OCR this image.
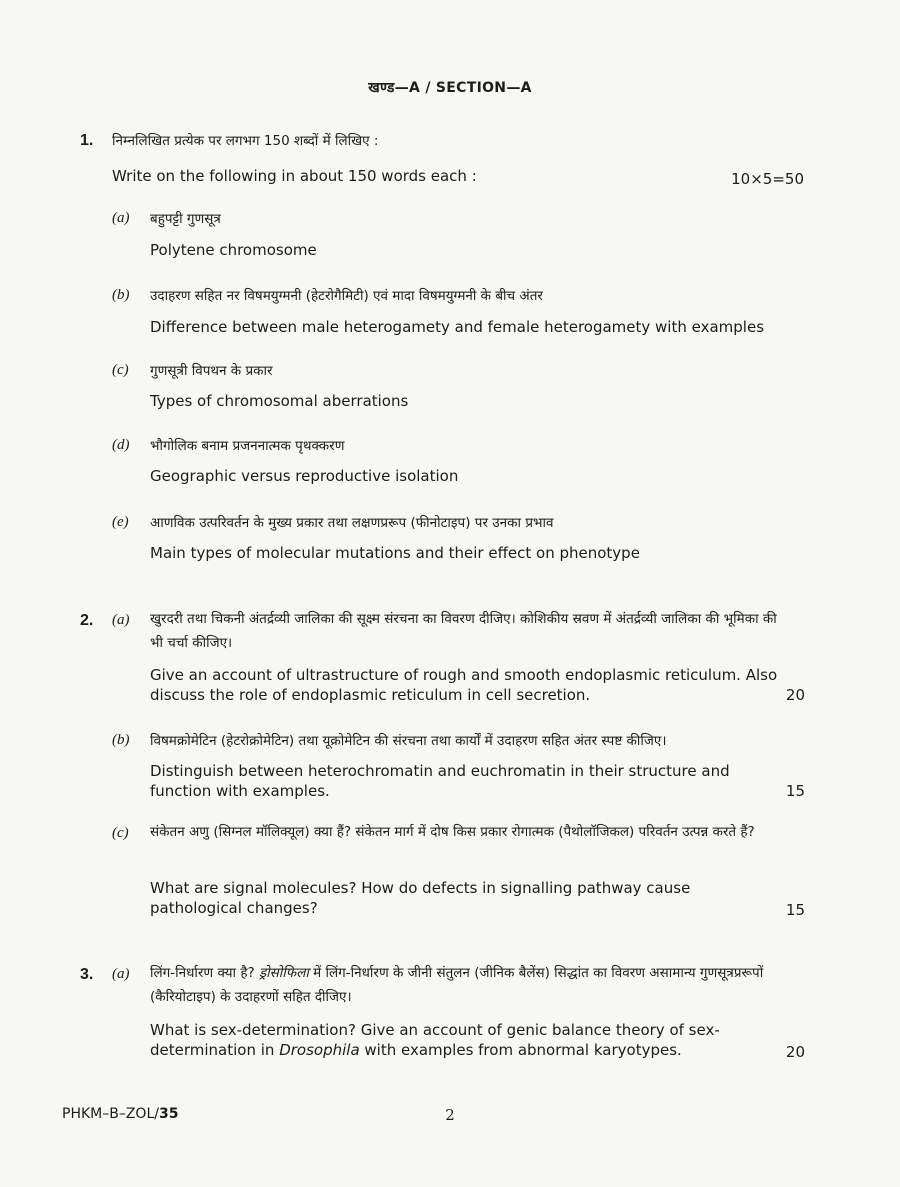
खण्ड—A / SECTION—A
1. निम्नलिखित प्रत्येक पर लगभग 150 शब्दों में लिखिए :
Write on the following in about 150 words each :	10×5=50
(a) बहुपट्टी गुणसूत्र
Polytene chromosome
(b) उदाहरण सहित नर विषमयुग्मनी (हेटरोगैमिटी) एवं मादा विषमयुग्मनी के बीच अंतर
Difference between male heterogamety and female heterogamety with examples
(c) गुणसूत्री विपथन के प्रकार
Types of chromosomal aberrations
(d) भौगोलिक बनाम प्रजननात्मक पृथक्करण
Geographic versus reproductive isolation
(e) आणविक उत्परिवर्तन के मुख्य प्रकार तथा लक्षणप्ररूप (फीनोटाइप) पर उनका प्रभाव
Main types of molecular mutations and their effect on phenotype
2. (a) खुरदरी तथा चिकनी अंतर्द्रव्यी जालिका की सूक्ष्म संरचना का विवरण दीजिए। कोशिकीय स्रवण में अंतर्द्रव्यी जालिका की भूमिका की भी चर्चा कीजिए।
Give an account of ultrastructure of rough and smooth endoplasmic reticulum. Also discuss the role of endoplasmic reticulum in cell secretion.	20
(b) विषमक्रोमेटिन (हेटरोक्रोमेटिन) तथा यूक्रोमेटिन की संरचना तथा कार्यों में उदाहरण सहित अंतर स्पष्ट कीजिए।
Distinguish between heterochromatin and euchromatin in their structure and function with examples.	15
(c) संकेतन अणु (सिग्नल मॉलिक्यूल) क्या हैं? संकेतन मार्ग में दोष किस प्रकार रोगात्मक (पैथोलॉजिकल) परिवर्तन उत्पन्न करते हैं?
What are signal molecules? How do defects in signalling pathway cause pathological changes?	15
3. (a) लिंग-निर्धारण क्या है? ड्रोसोफिला में लिंग-निर्धारण के जीनी संतुलन (जीनिक बैलेंस) सिद्धांत का विवरण असामान्य गुणसूत्रप्ररूपों (कैरियोटाइप) के उदाहरणों सहित दीजिए।
What is sex-determination? Give an account of genic balance theory of sex-determination in Drosophila with examples from abnormal karyotypes.	20
PHKM–B–ZOL/35	2
